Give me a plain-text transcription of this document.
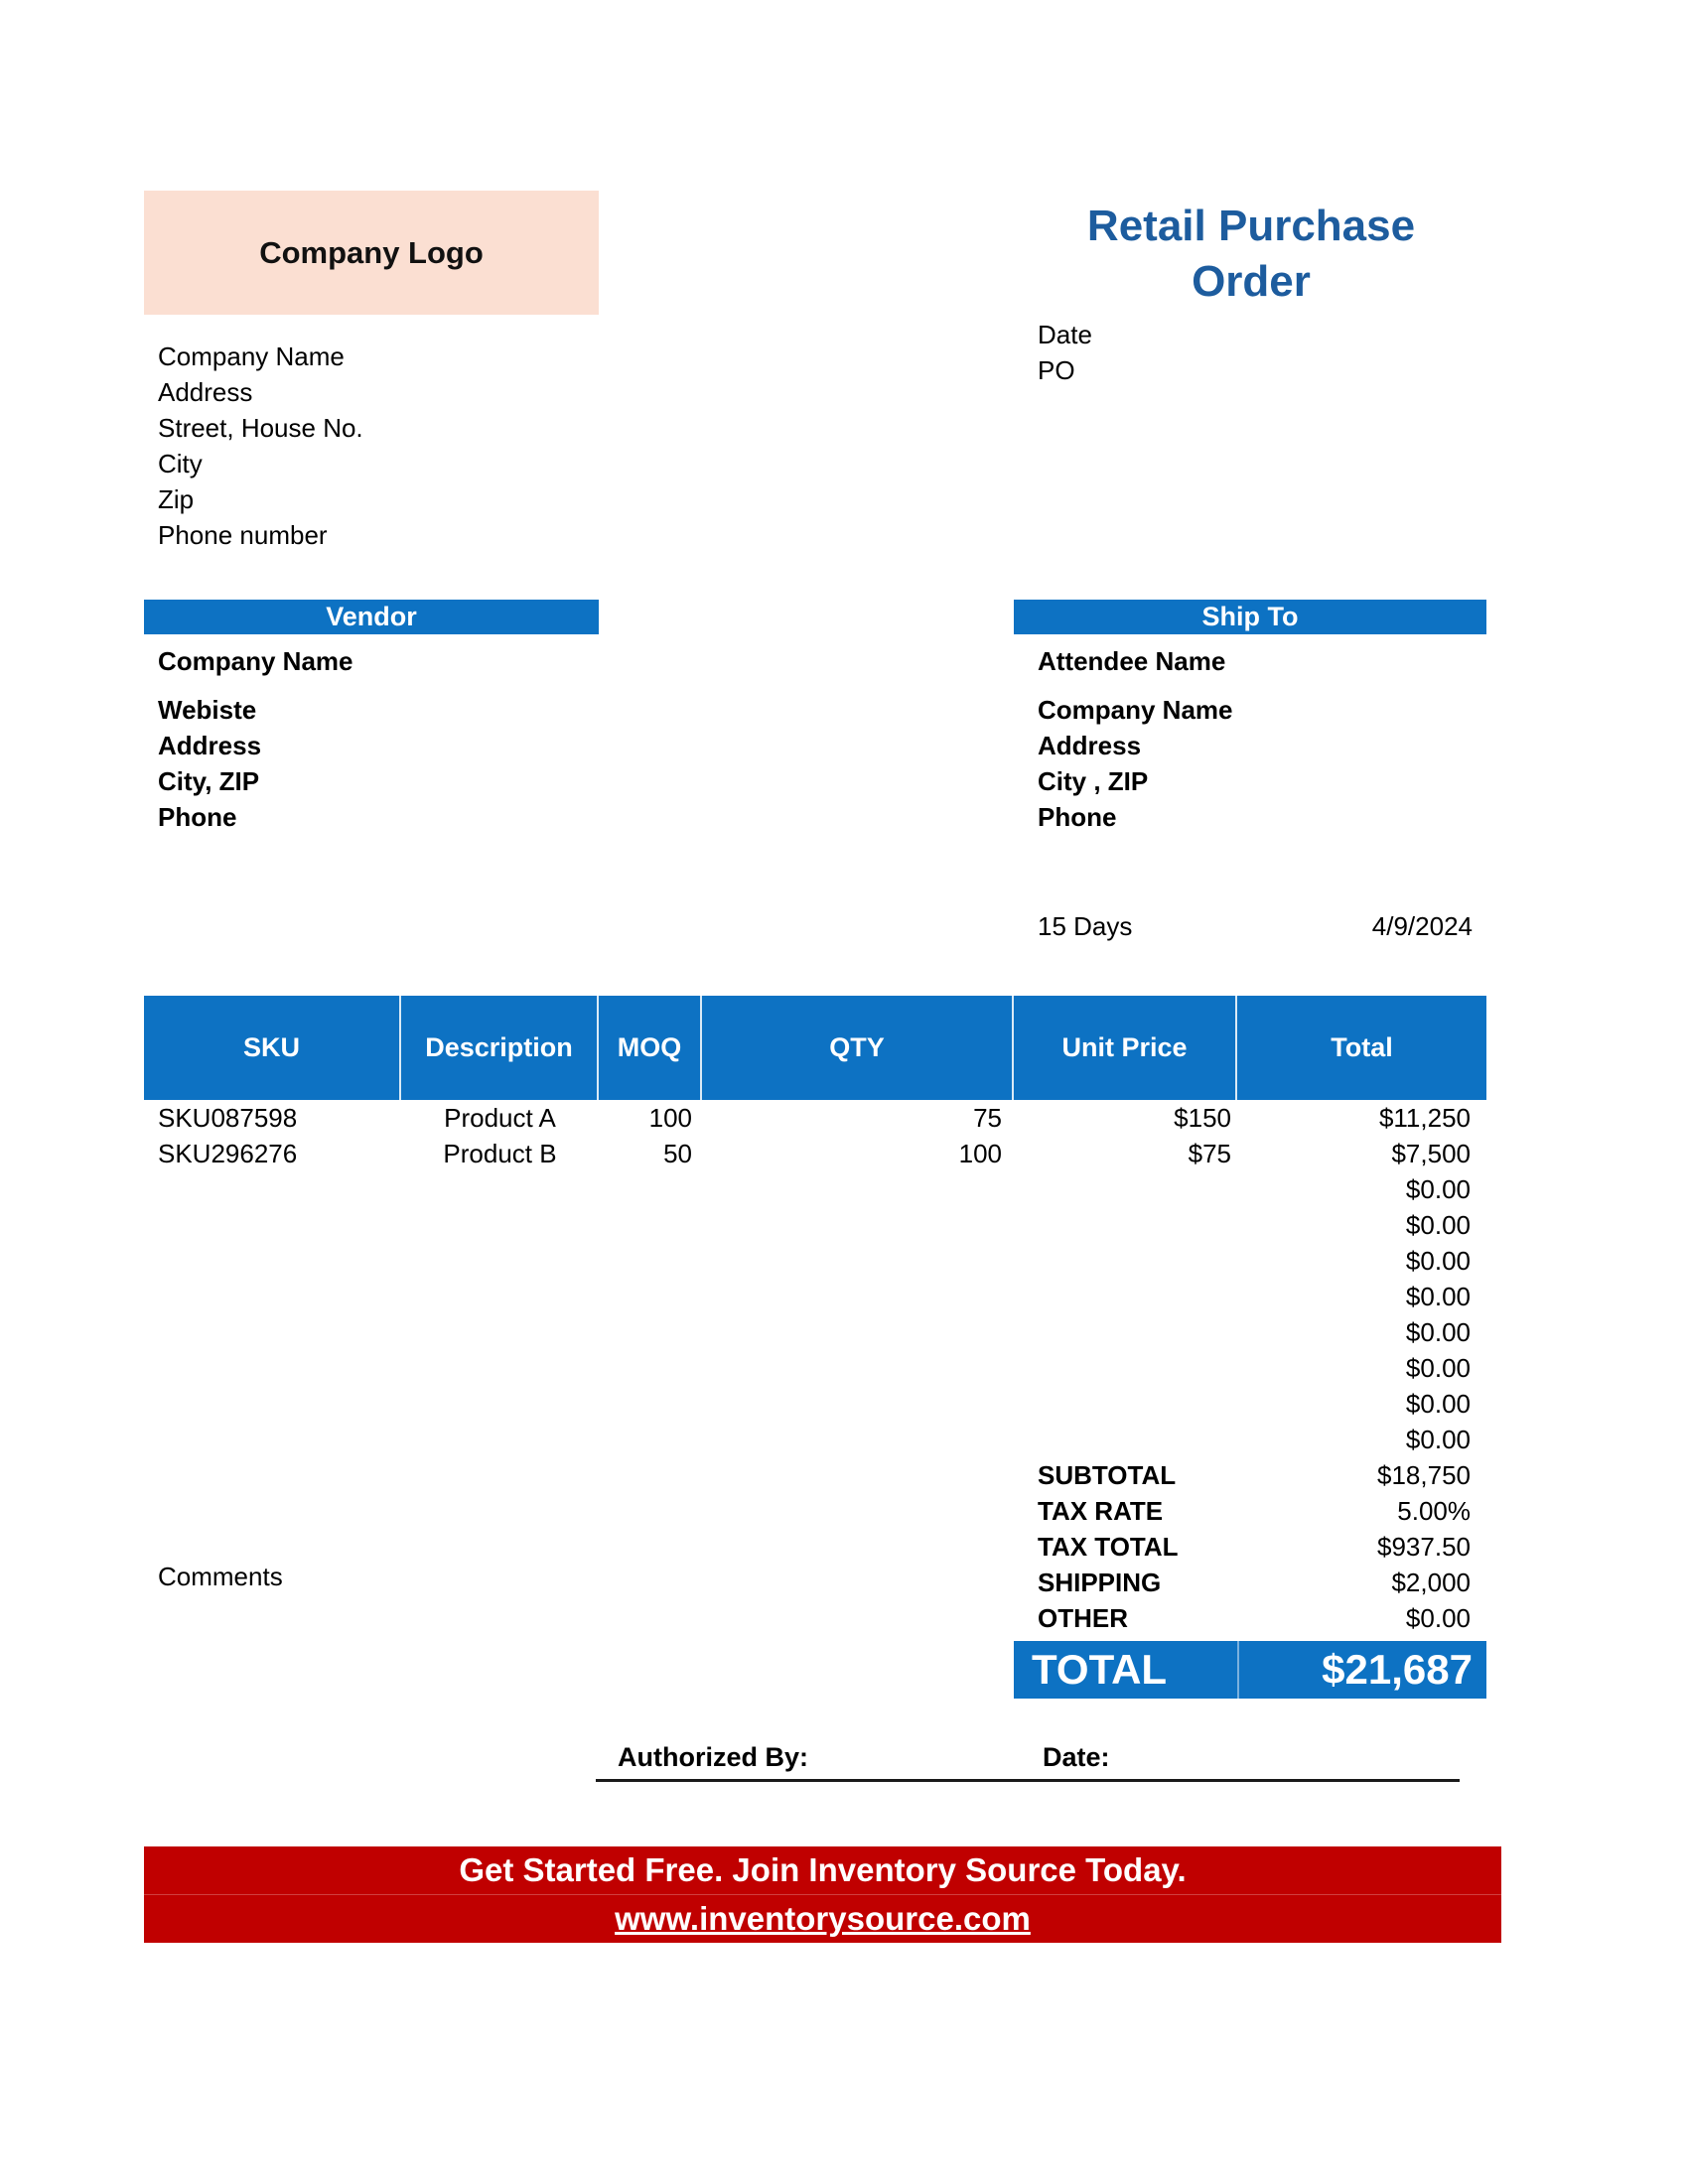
Company Logo
Retail Purchase
Order
Date
PO
Company Name
Address
Street, House No.
City
Zip
Phone number
Vendor	Ship To
Company Name
Webiste
Address
City, ZIP
Phone
Attendee Name
Company Name
Address
City , ZIP
Phone
15 Days	4/9/2024
SKU	Description	MOQ	QTY	Unit Price	Total
SKU087598	Product A	100	75	$150	$11,250
SKU296276	Product B	50	100	$75	$7,500
$0.00
$0.00
$0.00
$0.00
$0.00
$0.00
$0.00
$0.00
SUBTOTAL	$18,750
TAX RATE	5.00%
TAX TOTAL	$937.50
SHIPPING	$2,000
OTHER	$0.00
TOTAL	$21,687
Comments
Authorized By:	Date:
Get Started Free. Join Inventory Source Today.
www.inventorysource.com
